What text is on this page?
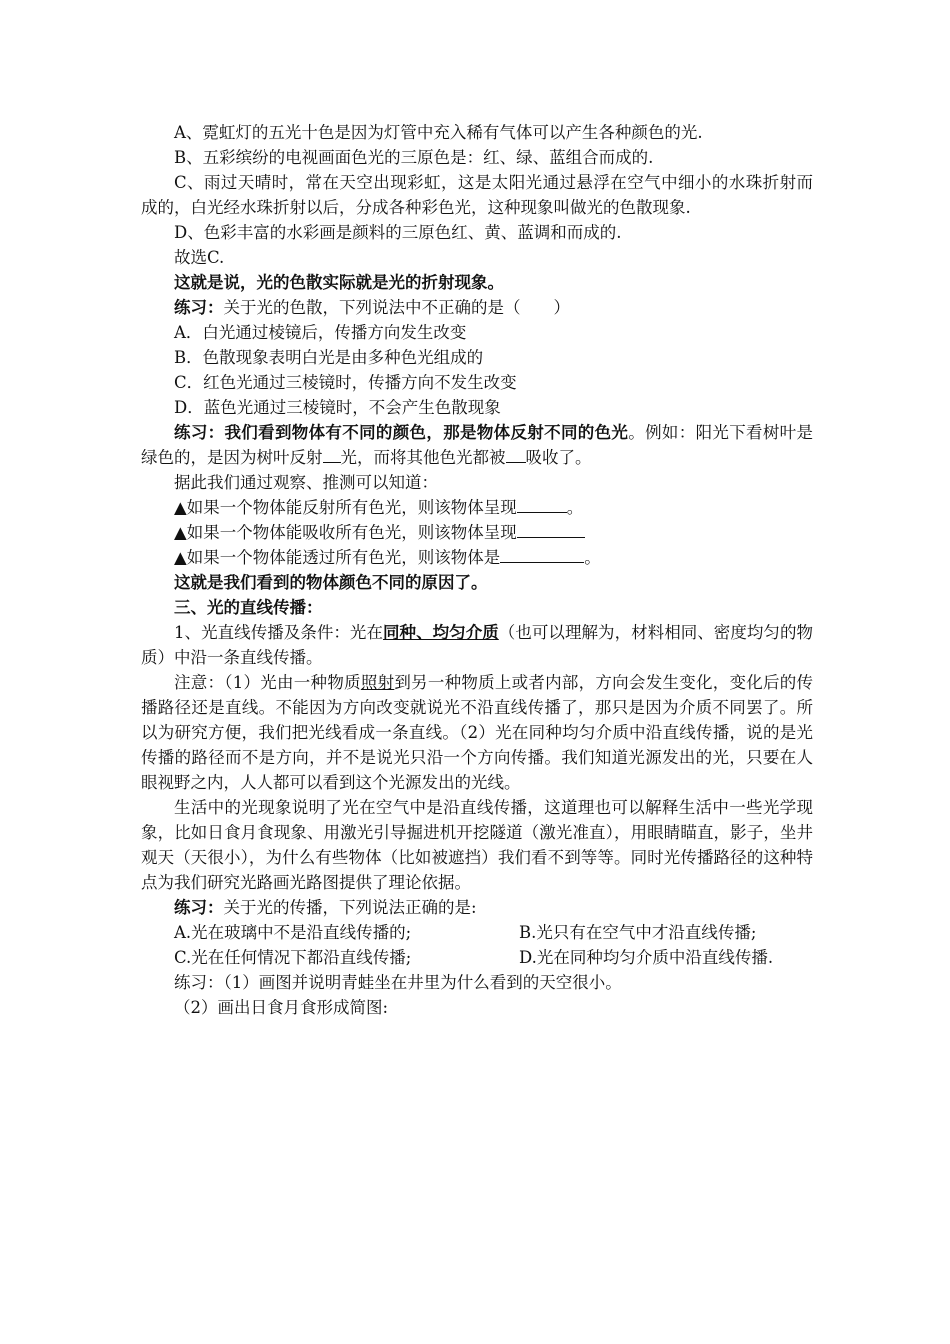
A、霓虹灯的五光十色是因为灯管中充入稀有气体可以产生各种颜色的光.

B、五彩缤纷的电视画面色光的三原色是：红、绿、蓝组合而成的.

C、雨过天晴时，常在天空出现彩虹，这是太阳光通过悬浮在空气中细小的水珠折射而成的，白光经水珠折射以后，分成各种彩色光，这种现象叫做光的色散现象.

D、色彩丰富的水彩画是颜料的三原色红、黄、蓝调和而成的.

故选C.

这就是说，光的色散实际就是光的折射现象。

练习：关于光的色散，下列说法中不正确的是（　　）

A．白光通过棱镜后，传播方向发生改变

B．色散现象表明白光是由多种色光组成的

C．红色光通过三棱镜时，传播方向不发生改变

D．蓝色光通过三棱镜时，不会产生色散现象

练习：我们看到物体有不同的颜色，那是物体反射不同的色光。例如：阳光下看树叶是绿色的，是因为树叶反射 光，而将其他色光都被 吸收了。

据此我们通过观察、推测可以知道：

▲如果一个物体能反射所有色光，则该物体呈现	。

▲如果一个物体能吸收所有色光，则该物体呈现

▲如果一个物体能透过所有色光，则该物体是	。

这就是我们看到的物体颜色不同的原因了。

三、光的直线传播：

1、光直线传播及条件：光在同种、均匀介质（也可以理解为，材料相同、密度均匀的物质）中沿一条直线传播。

注意：（1）光由一种物质照射到另一种物质上或者内部，方向会发生变化，变化后的传播路径还是直线。不能因为方向改变就说光不沿直线传播了，那只是因为介质不同罢了。所以为研究方便，我们把光线看成一条直线。（2）光在同种均匀介质中沿直线传播，说的是光传播的路径而不是方向，并不是说光只沿一个方向传播。我们知道光源发出的光，只要在人眼视野之内，人人都可以看到这个光源发出的光线。

生活中的光现象说明了光在空气中是沿直线传播，这道理也可以解释生活中一些光学现象，比如日食月食现象、用激光引导掘进机开挖隧道（激光准直），用眼睛瞄直，影子，坐井观天（天很小），为什么有些物体（比如被遮挡）我们看不到等等。同时光传播路径的这种特点为我们研究光路画光路图提供了理论依据。

练习：关于光的传播，下列说法正确的是:

A.光在玻璃中不是沿直线传播的;	B.光只有在空气中才沿直线传播;
C.光在任何情况下都沿直线传播;	D.光在同种均匀介质中沿直线传播.

练习：（1）画图并说明青蛙坐在井里为什么看到的天空很小。

（2）画出日食月食形成简图:
